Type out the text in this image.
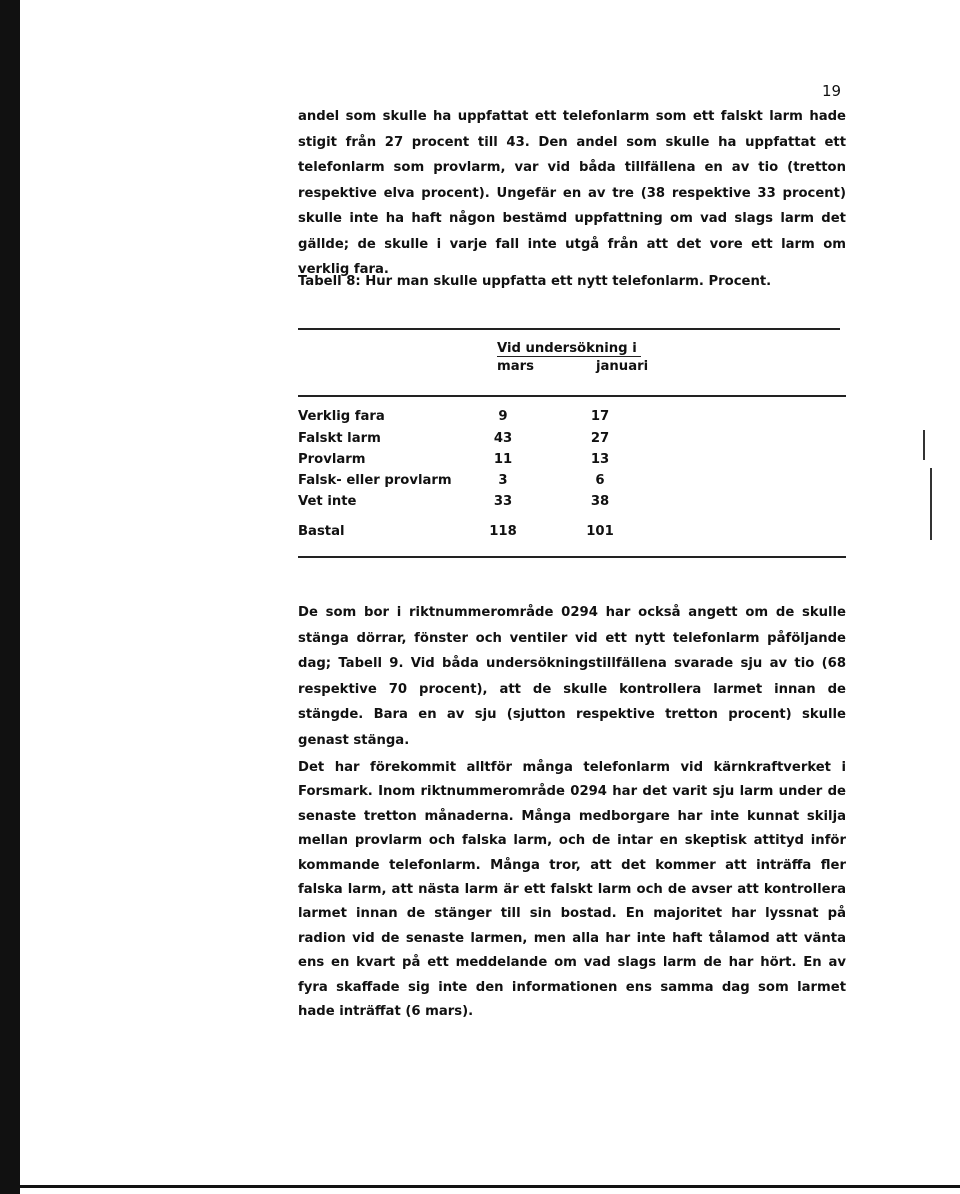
19

andel som skulle ha uppfattat ett telefonlarm som ett falskt larm hade stigit från 27 procent till 43. Den andel som skulle ha uppfattat ett telefonlarm som provlarm, var vid båda tillfällena en av tio (tretton respektive elva procent). Ungefär en av tre (38 respektive 33 procent) skulle inte ha haft någon bestämd uppfattning om vad slags larm det gällde; de skulle i varje fall inte utgå från att det vore ett larm om verklig fara.

Tabell 8: Hur man skulle uppfatta ett nytt telefonlarm. Procent.
Vid undersökning i
mars	januari
Verklig fara	9	17
Falskt larm	43	27
Provlarm	11	13
Falsk- eller provlarm	3	6
Vet inte	33	38
Bastal	118	101

De som bor i riktnummerområde 0294 har också angett om de skulle stänga dörrar, fönster och ventiler vid ett nytt telefonlarm påföljande dag; Tabell 9. Vid båda undersökningstillfällena svarade sju av tio (68 respektive 70 procent), att de skulle kontrollera larmet innan de stängde. Bara en av sju (sjutton respektive tretton procent) skulle genast stänga.

Det har förekommit alltför många telefonlarm vid kärnkraftverket i Forsmark. Inom riktnummerområde 0294 har det varit sju larm under de senaste tretton månaderna. Många medborgare har inte kunnat skilja mellan provlarm och falska larm, och de intar en skeptisk attityd inför kommande telefonlarm. Många tror, att det kommer att inträffa fler falska larm, att nästa larm är ett falskt larm och de avser att kontrollera larmet innan de stänger till sin bostad. En majoritet har lyssnat på radion vid de senaste larmen, men alla har inte haft tålamod att vänta ens en kvart på ett meddelande om vad slags larm de har hört. En av fyra skaffade sig inte den informationen ens samma dag som larmet hade inträffat (6 mars).
